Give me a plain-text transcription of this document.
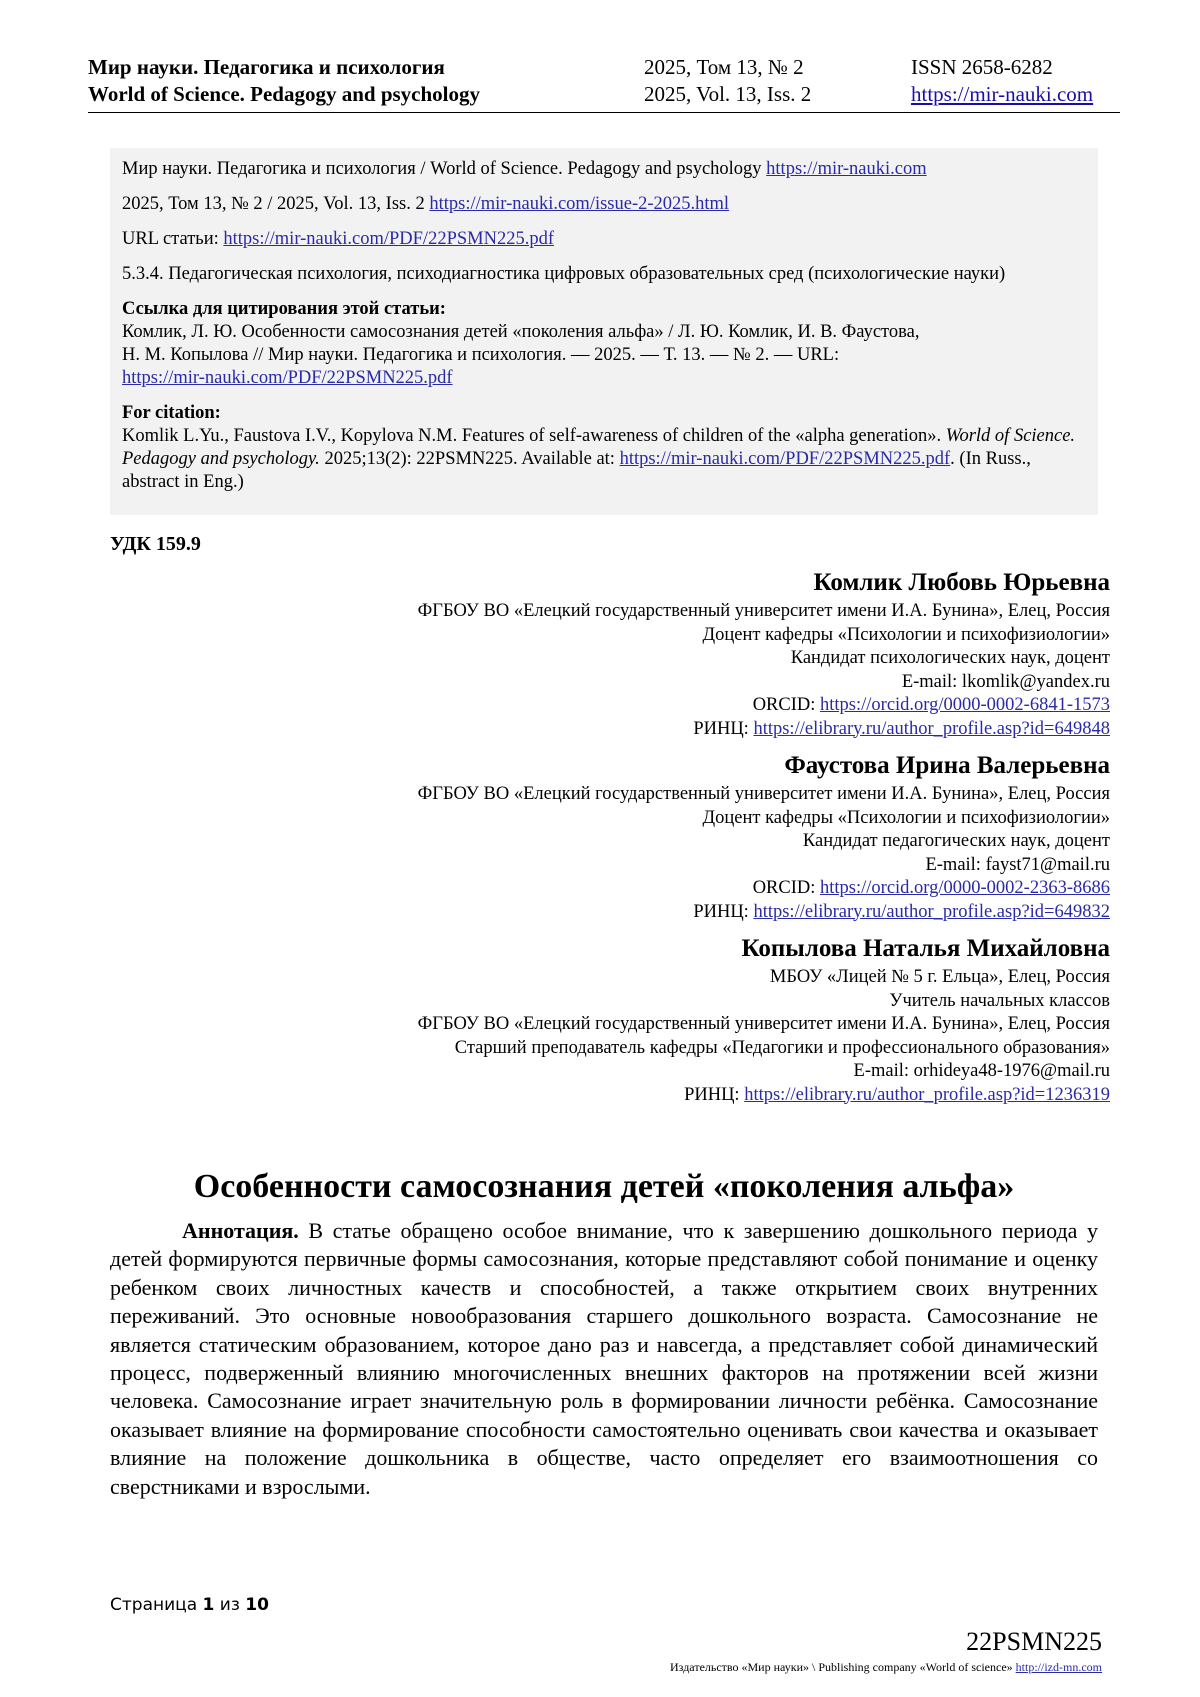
Мир науки. Педагогика и психология
World of Science. Pedagogy and psychology
2025, Том 13, № 2
2025, Vol. 13, Iss. 2
ISSN 2658-6282
https://mir-nauki.com

Мир науки. Педагогика и психология / World of Science. Pedagogy and psychology https://mir-nauki.com

2025, Том 13, № 2 / 2025, Vol. 13, Iss. 2 https://mir-nauki.com/issue-2-2025.html

URL статьи: https://mir-nauki.com/PDF/22PSMN225.pdf

5.3.4. Педагогическая психология, психодиагностика цифровых образовательных сред (психологические науки)

Ссылка для цитирования этой статьи:
Комлик, Л. Ю. Особенности самосознания детей «поколения альфа» / Л. Ю. Комлик, И. В. Фаустова,
Н. М. Копылова // Мир науки. Педагогика и психология. — 2025. — Т. 13. — № 2. — URL:
https://mir-nauki.com/PDF/22PSMN225.pdf
For citation:
Komlik L.Yu., Faustova I.V., Kopylova N.M. Features of self-awareness of children of the «alpha generation». World of Science. Pedagogy and psychology. 2025;13(2): 22PSMN225. Available at: https://mir-nauki.com/PDF/22PSMN225.pdf. (In Russ., abstract in Eng.)
УДК 159.9
Комлик Любовь Юрьевна
ФГБОУ ВО «Елецкий государственный университет имени И.А. Бунина», Елец, Россия
Доцент кафедры «Психологии и психофизиологии»
Кандидат психологических наук, доцент
E-mail: lkomlik@yandex.ru
ORCID: https://orcid.org/0000-0002-6841-1573
РИНЦ: https://elibrary.ru/author_profile.asp?id=649848
Фаустова Ирина Валерьевна
ФГБОУ ВО «Елецкий государственный университет имени И.А. Бунина», Елец, Россия
Доцент кафедры «Психологии и психофизиологии»
Кандидат педагогических наук, доцент
E-mail: fayst71@mail.ru
ORCID: https://orcid.org/0000-0002-2363-8686
РИНЦ: https://elibrary.ru/author_profile.asp?id=649832
Копылова Наталья Михайловна
МБОУ «Лицей № 5 г. Ельца», Елец, Россия
Учитель начальных классов
ФГБОУ ВО «Елецкий государственный университет имени И.А. Бунина», Елец, Россия
Старший преподаватель кафедры «Педагогики и профессионального образования»
E-mail: orhideya48-1976@mail.ru
РИНЦ: https://elibrary.ru/author_profile.asp?id=1236319
Особенности самосознания детей «поколения альфа»
Аннотация. В статье обращено особое внимание, что к завершению дошкольного периода у детей формируются первичные формы самосознания, которые представляют собой понимание и оценку ребенком своих личностных качеств и способностей, а также открытием своих внутренних переживаний. Это основные новообразования старшего дошкольного возраста. Самосознание не является статическим образованием, которое дано раз и навсегда, а представляет собой динамический процесс, подверженный влиянию многочисленных внешних факторов на протяжении всей жизни человека. Самосознание играет значительную роль в формировании личности ребёнка. Самосознание оказывает влияние на формирование способности самостоятельно оценивать свои качества и оказывает влияние на положение дошкольника в обществе, часто определяет его взаимоотношения со сверстниками и взрослыми.
Страница 1 из 10
22PSMN225
Издательство «Мир науки» \ Publishing company «World of science» http://izd-mn.com
